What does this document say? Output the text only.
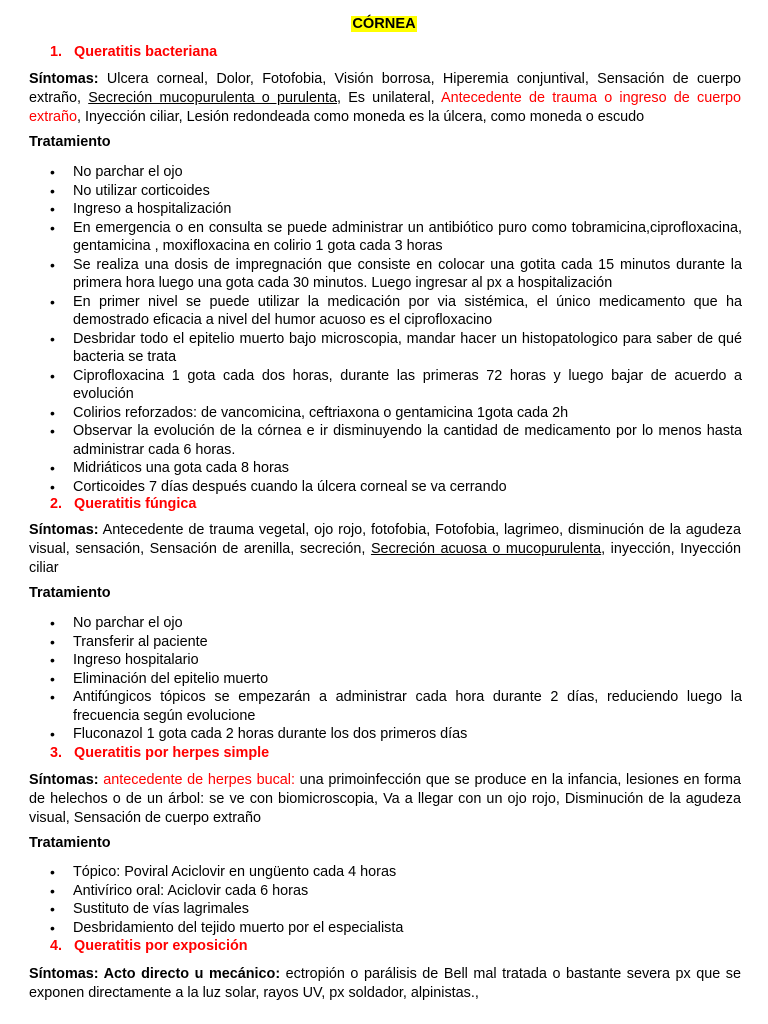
CÓRNEA
1. Queratitis bacteriana
Síntomas: Ulcera corneal, Dolor, Fotofobia, Visión borrosa, Hiperemia conjuntival, Sensación de cuerpo extraño, Secreción mucopurulenta o purulenta, Es unilateral, Antecedente de trauma o ingreso de cuerpo extraño, Inyección ciliar, Lesión redondeada como moneda es la úlcera, como moneda o escudo
Tratamiento
• No parchar el ojo
• No utilizar corticoides
• Ingreso a hospitalización
• En emergencia o en consulta se puede administrar un antibiótico puro como tobramicina,ciprofloxacina, gentamicina , moxifloxacina en colirio 1 gota cada 3 horas
• Se realiza una dosis de impregnación que consiste en colocar una gotita cada 15 minutos durante la primera hora luego una gota cada 30 minutos. Luego ingresar al px a hospitalización
• En primer nivel se puede utilizar la medicación por via sistémica, el único medicamento que ha demostrado eficacia a nivel del humor acuoso es el ciprofloxacino
• Desbridar todo el epitelio muerto bajo microscopia, mandar hacer un histopatologico para saber de qué bacteria se trata
• Ciprofloxacina 1 gota cada dos horas, durante las primeras 72 horas y luego bajar de acuerdo a evolución
• Colirios reforzados: de vancomicina, ceftriaxona o gentamicina 1gota cada 2h
• Observar la evolución de la córnea e ir disminuyendo la cantidad de medicamento por lo menos hasta administrar cada 6 horas.
• Midriáticos una gota cada 8 horas
• Corticoides 7 días después cuando la úlcera corneal se va cerrando
2. Queratitis fúngica
Síntomas: Antecedente de trauma vegetal, ojo rojo, fotofobia, Fotofobia, lagrimeo, disminución de la agudeza visual, sensación, Sensación de arenilla, secreción, Secreción acuosa o mucopurulenta, inyección, Inyección ciliar
Tratamiento
• No parchar el ojo
• Transferir al paciente
• Ingreso hospitalario
• Eliminación del epitelio muerto
• Antifúngicos tópicos se empezarán a administrar cada hora durante 2 días, reduciendo luego la frecuencia según evolucione
• Fluconazol 1 gota cada 2 horas durante los dos primeros días
3. Queratitis por herpes simple
Síntomas: antecedente de herpes bucal: una primoinfección que se produce en la infancia, lesiones en forma de helechos o de un árbol: se ve con biomicroscopia, Va a llegar con un ojo rojo, Disminución de la agudeza visual, Sensación de cuerpo extraño
Tratamiento
• Tópico: Poviral Aciclovir en ungüento cada 4 horas
• Antivírico oral: Aciclovir cada 6 horas
• Sustituto de vías lagrimales
• Desbridamiento del tejido muerto por el especialista
4. Queratitis por exposición
Síntomas: Acto directo u mecánico: ectropión o parálisis de Bell mal tratada o bastante severa px que se exponen directamente a la luz solar, rayos UV, px soldador, alpinistas.,
